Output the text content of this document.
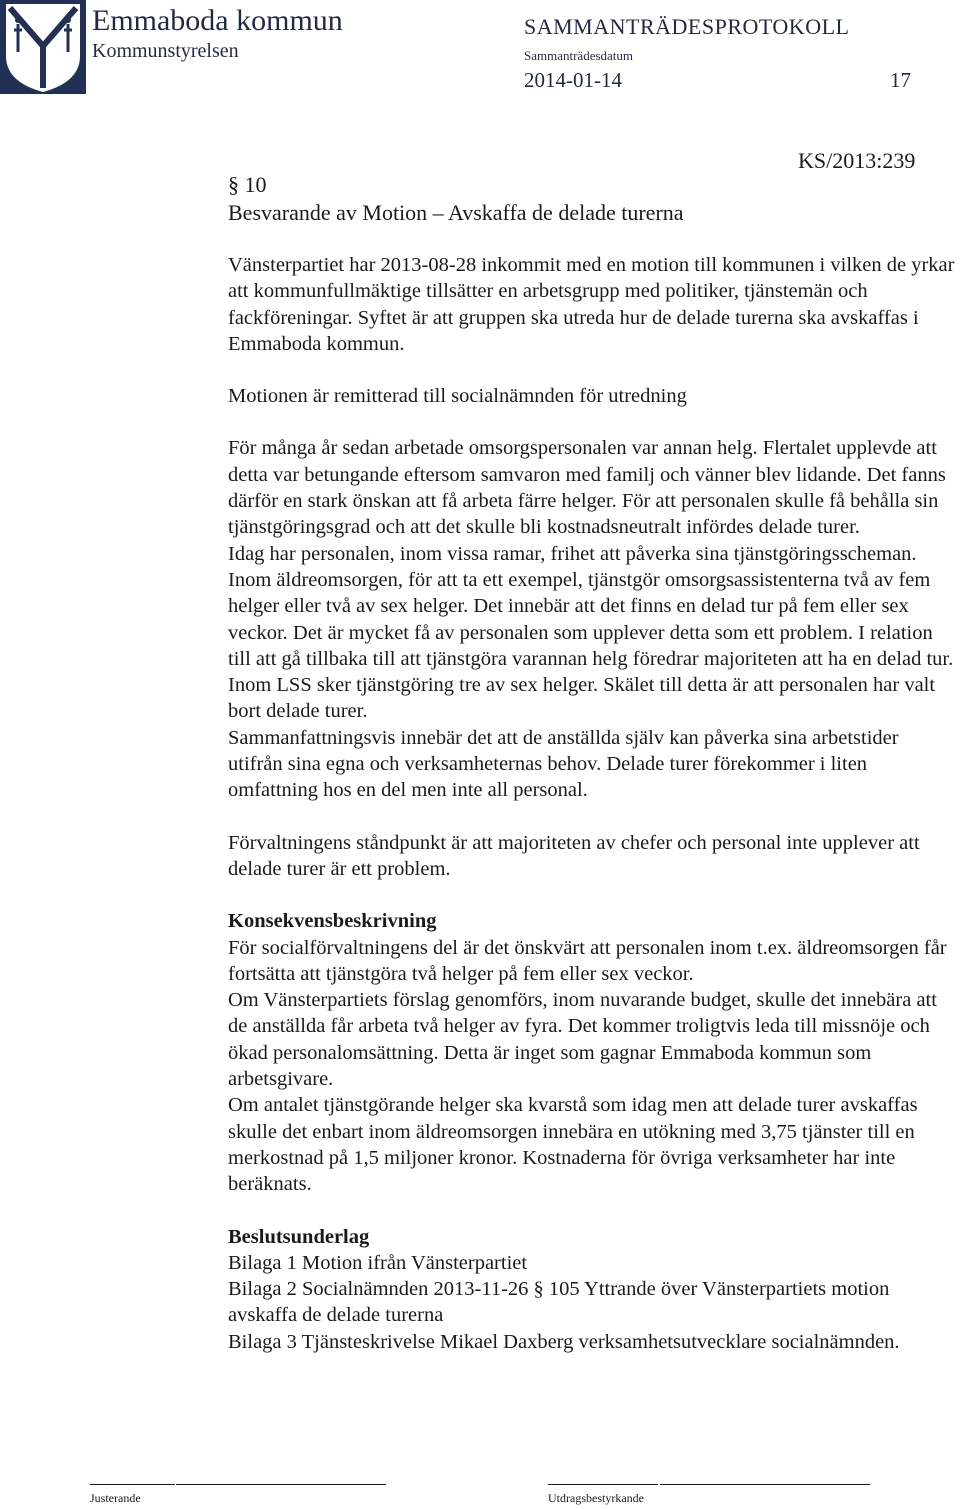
Emmaboda kommun
Kommunstyrelsen
SAMMANTRÄDESPROTOKOLL
Sammanträdesdatum
2014-01-14	17
KS/2013:239
§ 10
Besvarande av Motion – Avskaffa de delade turerna

Vänsterpartiet har 2013-08-28 inkommit med en motion till kommunen i vilken de yrkar att kommunfullmäktige tillsätter en arbetsgrupp med politiker, tjänstemän och fackföreningar. Syftet är att gruppen ska utreda hur de delade turerna ska avskaffas i Emmaboda kommun.

Motionen är remitterad till socialnämnden för utredning

För många år sedan arbetade omsorgspersonalen var annan helg. Flertalet upplevde att detta var betungande eftersom samvaron med familj och vänner blev lidande. Det fanns därför en stark önskan att få arbeta färre helger. För att personalen skulle få behålla sin tjänstgöringsgrad och att det skulle bli kostnadsneutralt infördes delade turer.

Idag har personalen, inom vissa ramar, frihet att påverka sina tjänstgöringsscheman. Inom äldreomsorgen, för att ta ett exempel, tjänstgör omsorgsassistenterna två av fem helger eller två av sex helger. Det innebär att det finns en delad tur på fem eller sex veckor. Det är mycket få av personalen som upplever detta som ett problem. I relation till att gå tillbaka till att tjänstgöra varannan helg föredrar majoriteten att ha en delad tur. Inom LSS sker tjänstgöring tre av sex helger. Skälet till detta är att personalen har valt bort delade turer.

Sammanfattningsvis innebär det att de anställda själv kan påverka sina arbetstider utifrån sina egna och verksamheternas behov. Delade turer förekommer i liten omfattning hos en del men inte all personal.

Förvaltningens ståndpunkt är att majoriteten av chefer och personal inte upplever att delade turer är ett problem.

Konsekvensbeskrivning

För socialförvaltningens del är det önskvärt att personalen inom t.ex. äldreomsorgen får fortsätta att tjänstgöra två helger på fem eller sex veckor.

Om Vänsterpartiets förslag genomförs, inom nuvarande budget, skulle det innebära att de anställda får arbeta två helger av fyra. Det kommer troligtvis leda till missnöje och ökad personalomsättning. Detta är inget som gagnar Emmaboda kommun som arbetsgivare.

Om antalet tjänstgörande helger ska kvarstå som idag men att delade turer avskaffas skulle det enbart inom äldreomsorgen innebära en utökning med 3,75 tjänster till en merkostnad på 1,5 miljoner kronor. Kostnaderna för övriga verksamheter har inte beräknats.

Beslutsunderlag

Bilaga 1 Motion ifrån Vänsterpartiet

Bilaga 2 Socialnämnden 2013-11-26 § 105 Yttrande över Vänsterpartiets motion avskaffa de delade turerna

Bilaga 3 Tjänsteskrivelse Mikael Daxberg verksamhetsutvecklare socialnämnden.

Justerande	Utdragsbestyrkande
